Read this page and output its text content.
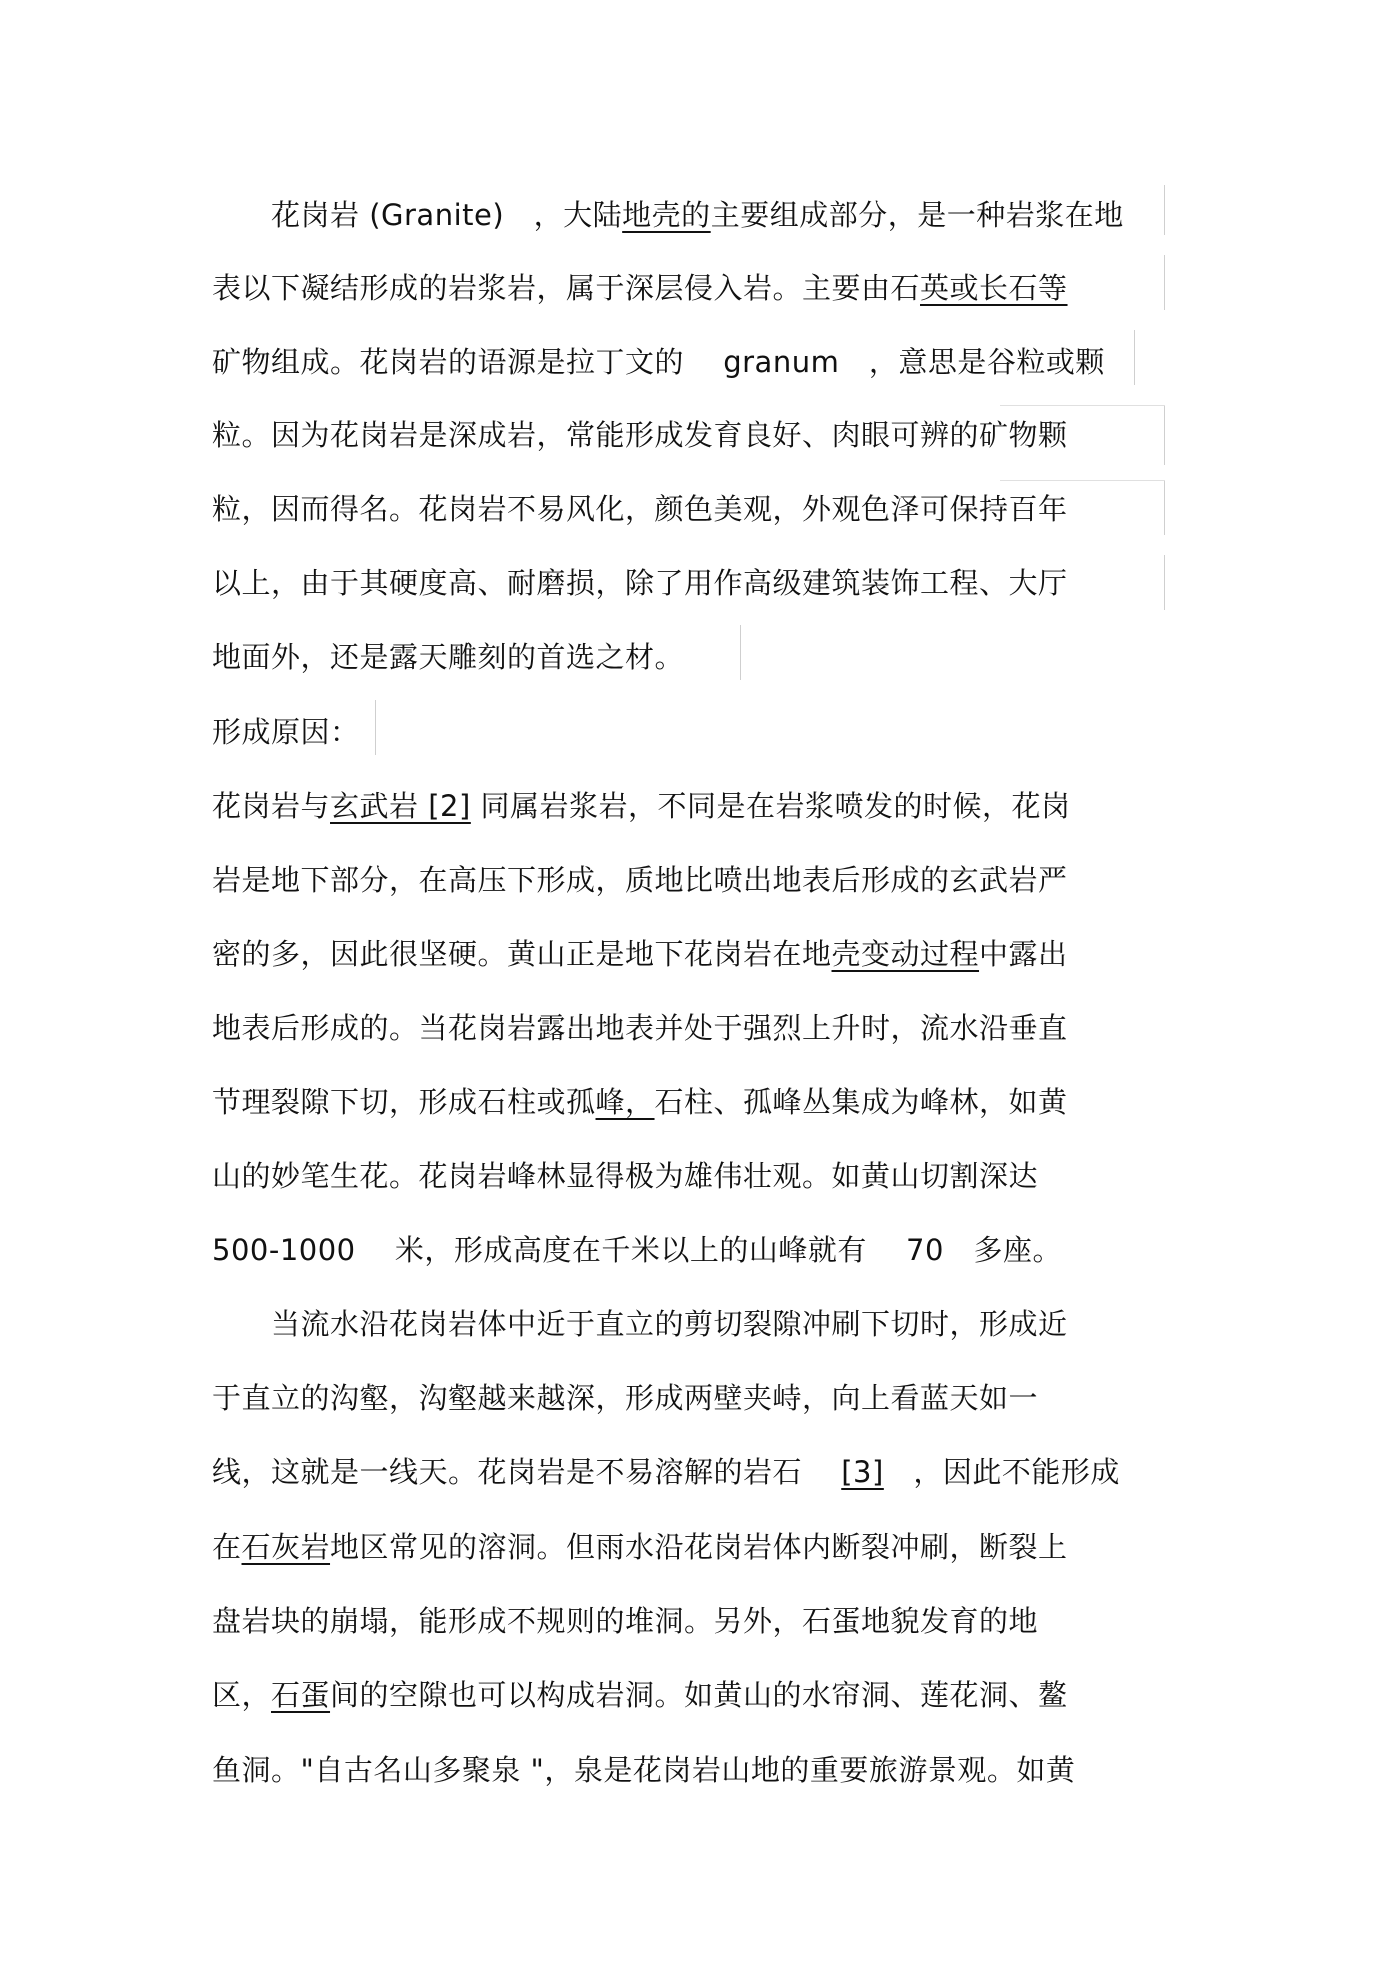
　　花岗岩 (Granite)　，大陆地壳的主要组成部分，是一种岩浆在地
表以下凝结形成的岩浆岩，属于深层侵入岩。主要由石英或长石等
矿物组成。花岗岩的语源是拉丁文的　 granum　，意思是谷粒或颗
粒。因为花岗岩是深成岩，常能形成发育良好、肉眼可辨的矿物颗
粒，因而得名。花岗岩不易风化，颜色美观，外观色泽可保持百年
以上，由于其硬度高、耐磨损，除了用作高级建筑装饰工程、大厅
地面外，还是露天雕刻的首选之材。
形成原因：
花岗岩与玄武岩 [2] 同属岩浆岩，不同是在岩浆喷发的时候，花岗
岩是地下部分，在高压下形成，质地比喷出地表后形成的玄武岩严
密的多，因此很坚硬。黄山正是地下花岗岩在地壳变动过程中露出
地表后形成的。当花岗岩露出地表并处于强烈上升时，流水沿垂直
节理裂隙下切，形成石柱或孤峰，石柱、孤峰丛集成为峰林，如黄
山的妙笔生花。花岗岩峰林显得极为雄伟壮观。如黄山切割深达
500-1000　 米，形成高度在千米以上的山峰就有　 70　多座。
　　当流水沿花岗岩体中近于直立的剪切裂隙冲刷下切时，形成近
于直立的沟壑，沟壑越来越深，形成两壁夹峙，向上看蓝天如一
线，这就是一线天。花岗岩是不易溶解的岩石　 [3]　，因此不能形成
在石灰岩地区常见的溶洞。但雨水沿花岗岩体内断裂冲刷，断裂上
盘岩块的崩塌，能形成不规则的堆洞。另外，石蛋地貌发育的地
区，石蛋间的空隙也可以构成岩洞。如黄山的水帘洞、莲花洞、鳌
鱼洞。"自古名山多聚泉 "，泉是花岗岩山地的重要旅游景观。如黄
